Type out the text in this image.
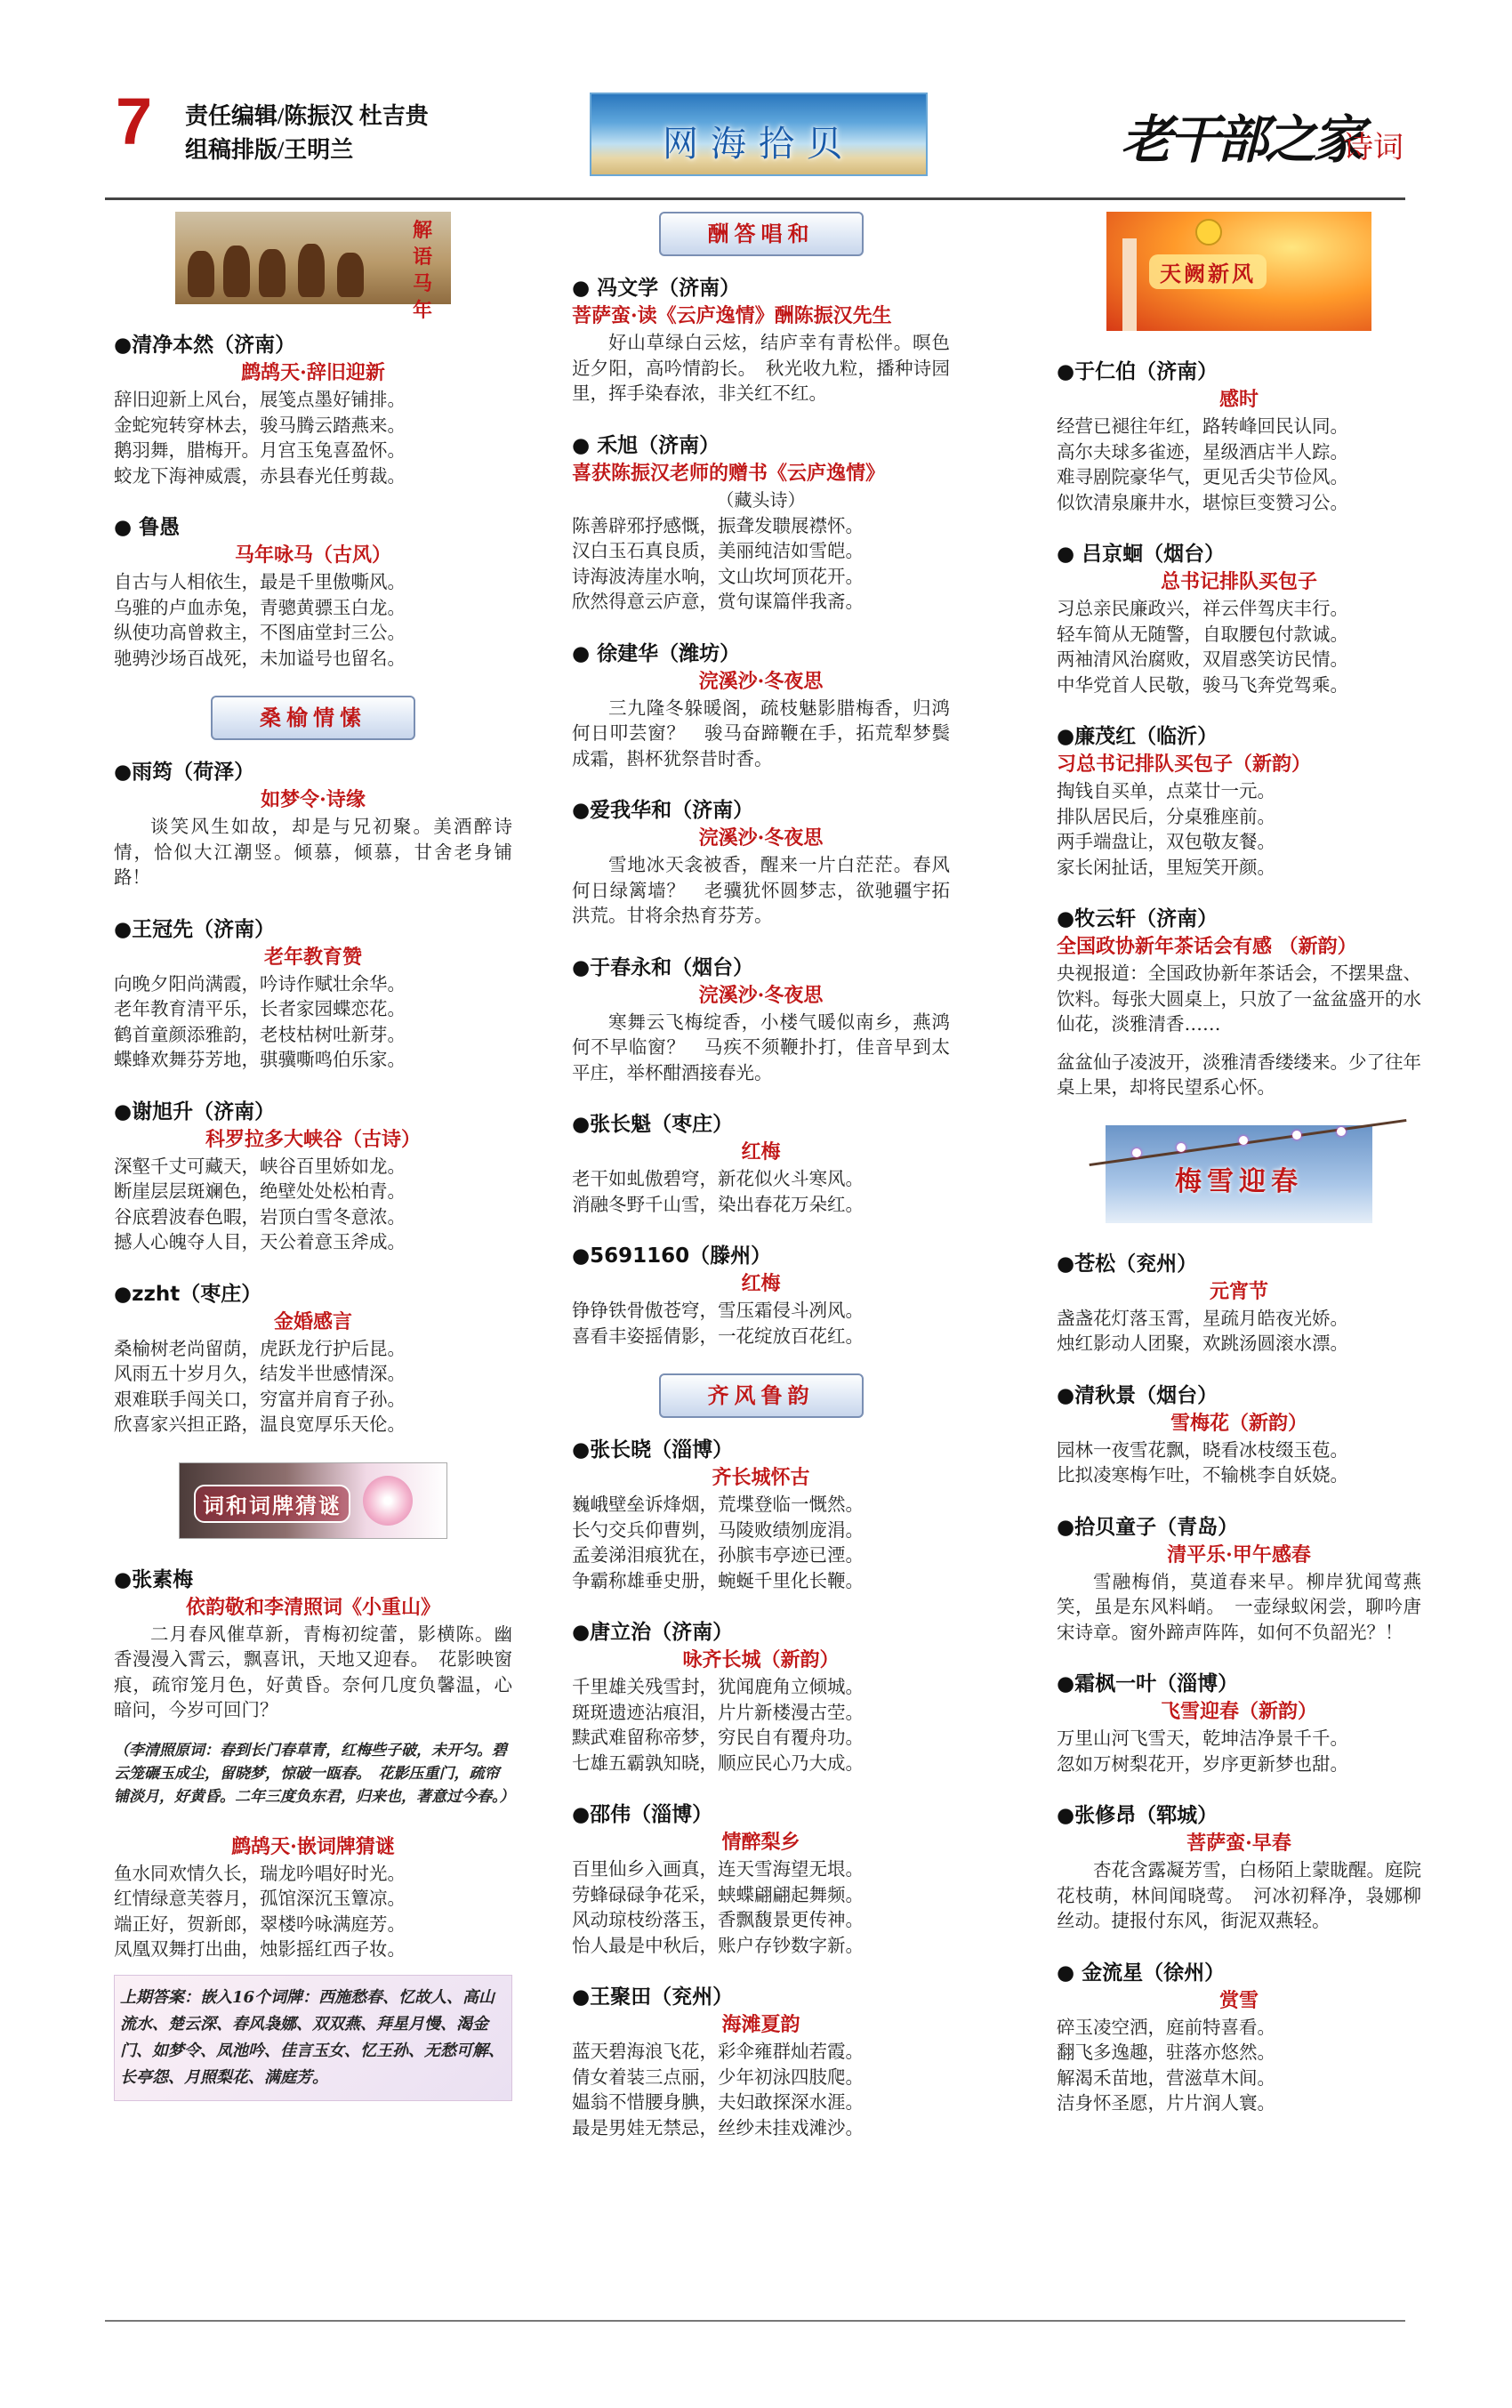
7 责任编辑/陈振汉 杜吉贵
组稿排版/王明兰	网海拾贝	老干部之家
诗词
解语马年
●清净本然（济南）
鹧鸪天·辞旧迎新

辞旧迎新上风台，展笺点墨好铺排。

金蛇宛转穿林去，骏马腾云踏燕来。

鹅羽舞，腊梅开。月宫玉兔喜盈怀。

蛟龙下海神威震，赤县春光任剪裁。

● 鲁愚
马年咏马（古风）

自古与人相依生，最是千里傲嘶风。

乌骓的卢血赤兔，青骢黄骠玉白龙。

纵使功高曾救主，不图庙堂封三公。

驰骋沙场百战死，未加谥号也留名。

桑榆情愫
●雨筠（荷泽）
如梦令·诗缘

谈笑风生如故，却是与兄初聚。美酒醉诗情，恰似大江潮竖。倾慕，倾慕，甘舍老身铺路！

●王冠先（济南）
老年教育赞

向晚夕阳尚满霞，吟诗作赋壮余华。

老年教育清平乐，长者家园蝶恋花。

鹤首童颜添雅韵，老枝枯树吐新芽。

蝶蜂欢舞芬芳地，骐骥嘶鸣伯乐家。

●谢旭升（济南）
科罗拉多大峡谷（古诗）

深壑千丈可藏天，峡谷百里娇如龙。

断崖层层斑斓色，绝壁处处松柏青。

谷底碧波春色暇，岩顶白雪冬意浓。

撼人心魄夺人目，天公着意玉斧成。

●zzht（枣庄）
金婚感言

桑榆树老尚留荫，虎跃龙行护后昆。

风雨五十岁月久，结发半世感情深。

艰难联手闯关口，穷富并肩育子孙。

欣喜家兴担正路，温良宽厚乐天伦。

词和词牌猜谜
●张素梅
依韵敬和李清照词《小重山》

二月春风催草新，青梅初绽蕾，影横陈。幽香漫漫入霄云，飘喜讯，天地又迎春。　花影映窗痕，疏帘笼月色，好黄昏。奈何几度负馨温，心暗问，今岁可回门？

（李清照原词：春到长门春草青，红梅些子破，未开匀。碧云笼碾玉成尘，留晓梦，惊破一瓯春。　花影压重门，疏帘铺淡月，好黄昏。二年三度负东君，归来也，著意过今春。）
鹧鸪天·嵌词牌猜谜

鱼水同欢情久长，瑞龙吟唱好时光。

红情绿意芙蓉月，孤馆深沉玉簟凉。

端正好，贺新郎，翠楼吟咏满庭芳。

凤凰双舞打出曲，烛影摇红西子妆。

上期答案：嵌入16个词牌：西施愁春、忆故人、高山流水、楚云深、春风袅娜、双双燕、拜星月慢、渴金门、如梦令、凤池吟、佳言玉女、忆王孙、无愁可解、长亭怨、月照梨花、满庭芳。
酬答唱和
● 冯文学（济南）
菩萨蛮·读《云庐逸情》酬陈振汉先生

好山草绿白云炫，结庐幸有青松伴。暝色近夕阳，高吟情韵长。　秋光收九粒，播种诗园里，挥手染春浓，非关红不红。

● 禾旭（济南）
喜获陈振汉老师的赠书《云庐逸情》
（藏头诗）

陈善辟邪抒感慨，振聋发聩展襟怀。

汉白玉石真良质，美丽纯洁如雪皑。

诗海波涛崖水响，文山坎坷顶花开。

欣然得意云庐意，赏句谋篇伴我斋。

● 徐建华（潍坊）
浣溪沙·冬夜思

三九隆冬躲暖阁，疏枝魅影腊梅香，归鸿何日叩芸窗？　骏马奋蹄鞭在手，拓荒犁梦鬓成霜，斟杯犹祭昔时香。

●爱我华和（济南）
浣溪沙·冬夜思

雪地冰天衾被香，醒来一片白茫茫。春风何日绿篱墙？　老骥犹怀圆梦志，欲驰疆宇拓洪荒。甘将余热育芬芳。

●于春永和（烟台）
浣溪沙·冬夜思

寒舞云飞梅绽香，小楼气暖似南乡，燕鸿何不早临窗？　马疾不须鞭扑打，佳音早到太平庄，举杯酣酒接春光。

●张长魁（枣庄）
红梅

老干如虬傲碧穹，新花似火斗寒风。

消融冬野千山雪，染出春花万朵红。

●5691160（滕州）
红梅

铮铮铁骨傲苍穹，雪压霜侵斗冽风。

喜看丰姿摇倩影，一花绽放百花红。

齐风鲁韵
●张长晓（淄博）
齐长城怀古

巍峨壁垒诉烽烟，荒堞登临一慨然。

长勺交兵仰曹刿，马陵败绩刎庞涓。

孟姜涕泪痕犹在，孙膑韦亭迹已湮。

争霸称雄垂史册，蜿蜒千里化长鞭。

●唐立治（济南）
咏齐长城（新韵）

千里雄关残雪封，犹闻鹿角立倾城。

斑斑遗迹沾痕泪，片片新楼漫古茔。

黩武难留称帝梦，穷民自有覆舟功。

七雄五霸孰知晓，顺应民心乃大成。

●邵伟（淄博）
情醉梨乡

百里仙乡入画真，连天雪海望无垠。

劳蜂碌碌争花采，蛱蝶翩翩起舞频。

风动琼枝纷落玉，香飘馥景更传神。

怡人最是中秋后，账户存钞数字新。

●王聚田（兖州）
海滩夏韵

蓝天碧海浪飞花，彩伞雍群灿若霞。

倩女着装三点丽，少年初泳四肢爬。

媪翁不惜腰身腆，夫妇敢探深水涯。

最是男娃无禁忌，丝纱未挂戏滩沙。

天阙新风
●于仁伯（济南）
感时

经营已褪往年红，路转峰回民认同。

高尔夫球多雀迹，星级酒店半人踪。

难寻剧院豪华气，更见舌尖节俭风。

似饮清泉廉井水，堪惊巨变赞习公。

● 吕京蛔（烟台）
总书记排队买包子

习总亲民廉政兴，祥云伴驾庆丰行。

轻车简从无随警，自取腰包付款诚。

两袖清风治腐败，双眉惑笑访民情。

中华党首人民敬，骏马飞奔党驾乘。

●廉茂红（临沂）
习总书记排队买包子（新韵）

掏钱自买单，点菜廿一元。

排队居民后，分桌雅座前。

两手端盘让，双包敬友餐。

家长闲扯话，里短笑开颜。

●牧云轩（济南）
全国政协新年茶话会有感 （新韵）

央视报道：全国政协新年茶话会，不摆果盘、饮料。每张大圆桌上，只放了一盆盆盛开的水仙花，淡雅清香……

盆盆仙子凌波开，淡雅清香缕缕来。少了往年桌上果，却将民望系心怀。

梅雪迎春
●苍松（兖州）
元宵节

盏盏花灯落玉霄，星疏月皓夜光娇。

烛红影动人团聚，欢跳汤圆滚水漂。

●清秋景（烟台）
雪梅花（新韵）

园林一夜雪花飘，晓看冰枝缀玉苞。

比拟凌寒梅乍吐，不输桃李自妖娆。

●拾贝童子（青岛）
清平乐·甲午感春

雪融梅俏，莫道春来早。柳岸犹闻莺燕笑，虽是东风料峭。　一壶绿蚁闲尝，聊吟唐宋诗章。窗外蹄声阵阵，如何不负韶光？！

●霜枫一叶（淄博）
飞雪迎春（新韵）

万里山河飞雪天，乾坤洁净景千千。

忽如万树梨花开，岁序更新梦也甜。

●张修昂（郓城）
菩萨蛮·早春

杏花含露凝芳雪，白杨陌上蒙眬醒。庭院花枝萌，林间闻晓莺。　河冰初释净，袅娜柳丝动。捷报付东风，街泥双燕轻。

● 金流星（徐州）
赏雪

碎玉凌空洒，庭前特喜看。

翻飞多逸趣，驻落亦悠然。

解渴禾苗地，营滋草木间。

洁身怀圣愿，片片润人寰。
